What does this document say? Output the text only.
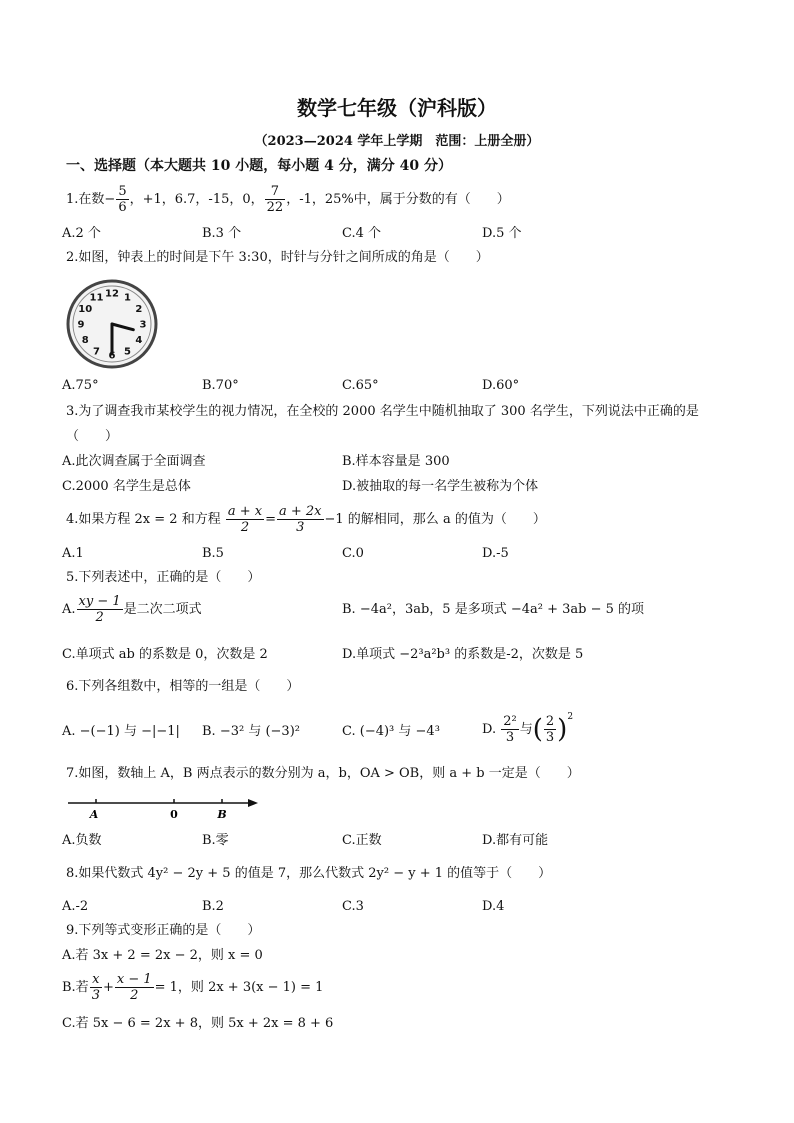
数学七年级（沪科版）
（2023—2024 学年上学期　范围：上册全册）
一、选择题（本大题共 10 小题，每小题 4 分，满分 40 分）
1.在数− $\frac{5}{6}$ ，+1，6.7，-15，0， $\frac{7}{22}$ ，-1，25%中，属于分数的有（　　）
A.2 个	B.3 个	C.4 个	D.5 个
2.如图，钟表上的时间是下午 3:30，时针与分针之间所成的角是（　　）
12 1
2
3
4
5
6
7
8
9
10
11
A.75°	B.70°	C.65°	D.60°
3.为了调查我市某校学生的视力情况，在全校的 2000 名学生中随机抽取了 300 名学生，下列说法中正确的是
（　　）
A.此次调查属于全面调查	B.样本容量是 300
C.2000 名学生是总体	D.被抽取的每一名学生被称为个体
4.如果方程 2x = 2 和方程 $\frac{a + x}{2} = \frac{a + 2x}{3} -1$ 的解相同，那么 a 的值为（　　）
A.1	B.5	C.0	D.-5
5.下列表述中，正确的是（　　）
A. $\frac{xy - 1}{2}$ 是二次二项式	B. −4a²，3ab，5 是多项式 −4a² + 3ab − 5 的项
C.单项式 ab 的系数是 0，次数是 2	D.单项式 −2³a²b³ 的系数是-2，次数是 5
6.下列各组数中，相等的一组是（　　）
A. −(−1) 与 −|−1| B. −3² 与 (−3)²	C. (−4)³ 与 −4³	D. $\frac{\text{2²}}{3}$ 与( $\frac{2}{3} )^2$
7.如图，数轴上 A，B 两点表示的数分别为 a，b，OA > OB，则 a + b 一定是（　　）
A	0	B
A.负数	B.零	C.正数	D.都有可能
8.如果代数式 4y² − 2y + 5 的值是 7，那么代数式 2y² − y + 1 的值等于（　　）
A.-2	B.2	C.3	D.4
9.下列等式变形正确的是（　　）
A.若 3x + 2 = 2x − 2，则 x = 0
B.若 $\frac{x}{3} + \frac{x - 1}{2} = 1$，则 2x + 3(x − 1) = 1
C.若 5x − 6 = 2x + 8，则 5x + 2x = 8 + 6
